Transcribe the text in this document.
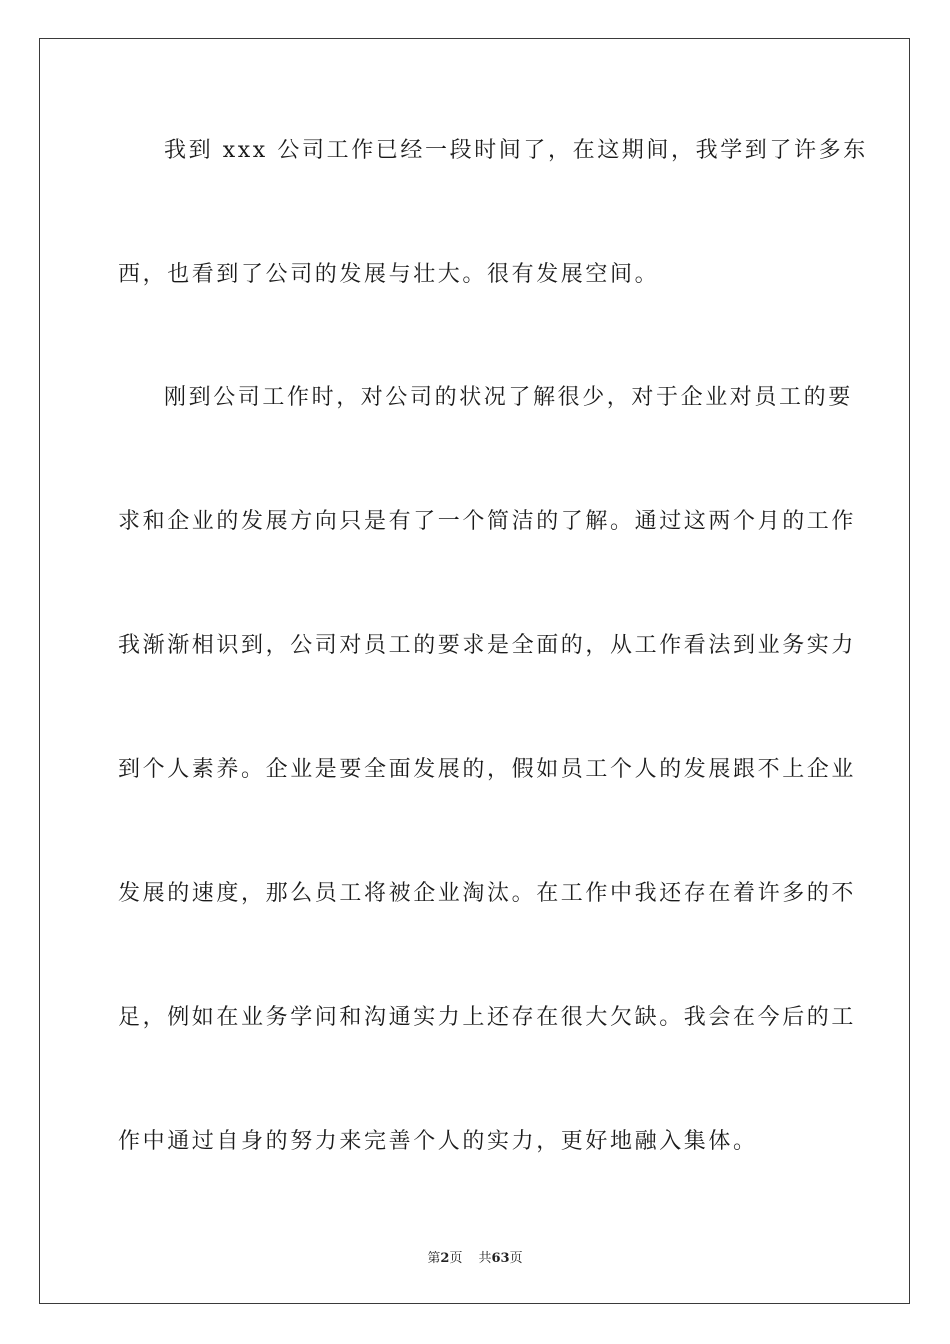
我到 xxx 公司工作已经一段时间了，在这期间，我学到了许多东
西，也看到了公司的发展与壮大。很有发展空间。
刚到公司工作时，对公司的状况了解很少，对于企业对员工的要
求和企业的发展方向只是有了一个简洁的了解。通过这两个月的工作
我渐渐相识到，公司对员工的要求是全面的，从工作看法到业务实力
到个人素养。企业是要全面发展的，假如员工个人的发展跟不上企业
发展的速度，那么员工将被企业淘汰。在工作中我还存在着许多的不
足，例如在业务学问和沟通实力上还存在很大欠缺。我会在今后的工
作中通过自身的努力来完善个人的实力，更好地融入集体。
第2页 共63页
